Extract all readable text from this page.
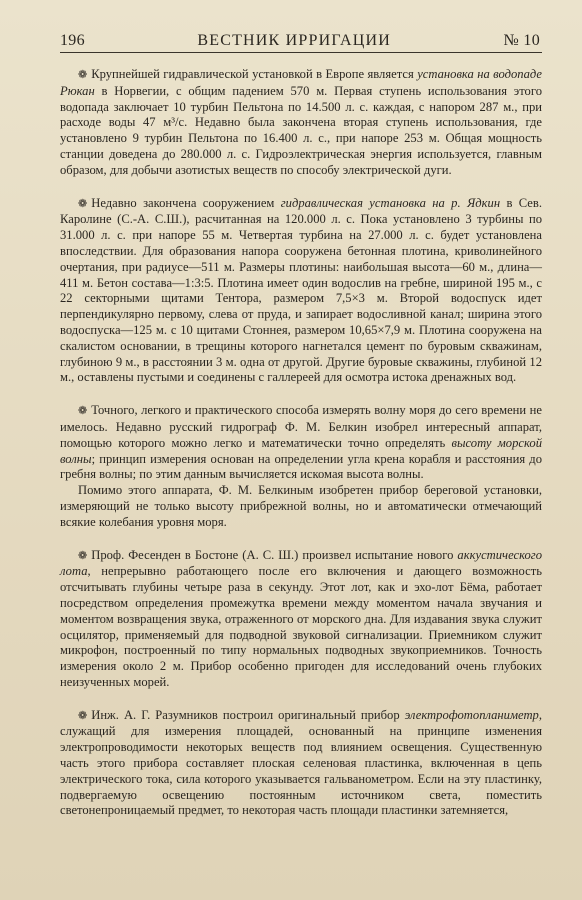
196	ВЕСТНИК ИРРИГАЦИИ	№ 10

❁ Крупнейшей гидравлической установкой в Европе является установка на водопаде Рюкан в Норвегии, с общим падением 570 м. Первая ступень использования этого водопада заключает 10 турбин Пельтона по 14.500 л. с. каждая, с напором 287 м., при расходе воды 47 м³/с. Недавно была закончена вторая ступень использования, где установлено 9 турбин Пельтона по 16.400 л. с., при напоре 253 м. Общая мощность станции доведена до 280.000 л. с. Гидроэлектрическая энергия используется, главным образом, для добычи азотистых веществ по способу электрической дуги.

❁ Недавно закончена сооружением гидравлическая установка на р. Ядкин в Сев. Каролине (С.-А. С.Ш.), расчитанная на 120.000 л. с. Пока установлено 3 турбины по 31.000 л. с. при напоре 55 м. Четвертая турбина на 27.000 л. с. будет установлена впоследствии. Для образования напора сооружена бетонная плотина, криволинейного очертания, при радиусе—511 м. Размеры плотины: наибольшая высота—60 м., длина—411 м. Бетон состава—1:3:5. Плотина имеет один водослив на гребне, шириной 195 м., с 22 секторными щитами Тентора, размером 7,5×3 м. Второй водоспуск идет перпендикулярно первому, слева от пруда, и запирает водосливной канал; ширина этого водоспуска—125 м. с 10 щитами Стоннея, размером 10,65×7,9 м. Плотина сооружена на скалистом основании, в трещины которого нагнетался цемент по буровым скважинам, глубиною 9 м., в расстоянии 3 м. одна от другой. Другие буровые скважины, глубиной 12 м., оставлены пустыми и соединены с галлереей для осмотра истока дренажных вод.

❁ Точного, легкого и практического способа измерять волну моря до сего времени не имелось. Недавно русский гидрограф Ф. М. Белкин изобрел интересный аппарат, помощью которого можно легко и математически точно определять высоту морской волны; принцип измерения основан на определении угла крена корабля и расстояния до гребня волны; по этим данным вычисляется искомая высота волны.

Помимо этого аппарата, Ф. М. Белкиным изобретен прибор береговой установки, измеряющий не только высоту прибрежной волны, но и автоматически отмечающий всякие колебания уровня моря.

❁ Проф. Фесенден в Бостоне (А. С. Ш.) произвел испытание нового аккустического лота, непрерывно работающего после его включения и дающего возможность отсчитывать глубины четыре раза в секунду. Этот лот, как и эхо-лот Бёма, работает посредством определения промежутка времени между моментом начала звучания и моментом возвращения звука, отраженного от морского дна. Для издавания звука служит осцилятор, применяемый для подводной звуковой сигнализации. Приемником служит микрофон, построенный по типу нормальных подводных звукоприемников. Точность измерения около 2 м. Прибор особенно пригоден для исследований очень глубоких неизученных морей.

❁ Инж. А. Г. Разумников построил оригинальный прибор электрофотопланиметр, служащий для измерения площадей, основанный на принципе изменения электропроводимости некоторых веществ под влиянием освещения. Существенную часть этого прибора составляет плоская селеновая пластинка, включенная в цепь электрического тока, сила которого указывается гальванометром. Если на эту пластинку, подвергаемую освещению постоянным источником света, поместить светонепроницаемый предмет, то некоторая часть площади пластинки затемняется,
